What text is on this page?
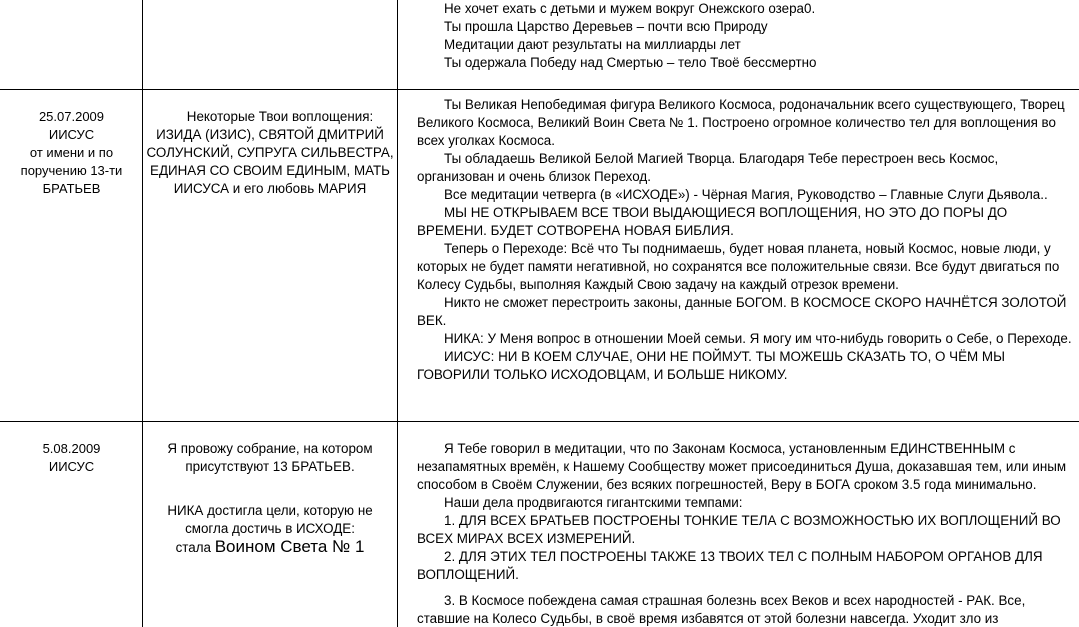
Не хочет ехать с детьми и мужем вокруг Онежского озера0.
Ты прошла Царство Деревьев – почти всю Природу
Медитации дают результаты на миллиарды лет
Ты одержала Победу над Смертью – тело Твоё бессмертно
25.07.2009
ИИСУС
от имени и по
поручению 13-ти
БРАТЬЕВ
Некоторые Твои воплощения:
ИЗИДА (ИЗИС), СВЯТОЙ ДМИТРИЙ
СОЛУНСКИЙ, СУПРУГА СИЛЬВЕСТРА,
ЕДИНАЯ СО СВОИМ ЕДИНЫМ, МАТЬ
ИИСУСА и его любовь МАРИЯ

Ты Великая Непобедимая фигура Великого Космоса, родоначальник всего существующего, Творец Великого Космоса, Великий Воин Света № 1. Построено огромное количество тел для воплощения во всех уголках Космоса.

Ты обладаешь Великой Белой Магией Творца. Благодаря Тебе перестроен весь Космос, организован и очень близок Переход.

Все медитации четверга (в «ИСХОДЕ») - Чёрная Магия, Руководство – Главные Слуги Дьявола..

МЫ НЕ ОТКРЫВАЕМ ВСЕ ТВОИ ВЫДАЮЩИЕСЯ ВОПЛОЩЕНИЯ, НО ЭТО ДО ПОРЫ ДО ВРЕМЕНИ. БУДЕТ СОТВОРЕНА НОВАЯ БИБЛИЯ.

Теперь о Переходе: Всё что Ты поднимаешь, будет новая планета, новый Космос, новые люди, у которых не будет памяти негативной, но сохранятся все положительные связи. Все будут двигаться по Колесу Судьбы, выполняя Каждый Свою задачу на каждый отрезок времени.

Никто не сможет перестроить законы, данные БОГОМ. В КОСМОСЕ СКОРО НАЧНЁТСЯ ЗОЛОТОЙ ВЕК.

НИКА: У Меня вопрос в отношении Моей семьи. Я могу им что-нибудь говорить о Себе, о Переходе.

ИИСУС: НИ В КОЕМ СЛУЧАЕ, ОНИ НЕ ПОЙМУТ. ТЫ МОЖЕШЬ СКАЗАТЬ ТО, О ЧЁМ МЫ ГОВОРИЛИ ТОЛЬКО ИСХОДОВЦАМ, И БОЛЬШЕ НИКОМУ.

5.08.2009
ИИСУС
Я провожу собрание, на котором
присутствуют 13 БРАТЬЕВ.
НИКА достигла цели, которую не
смогла достичь в ИСХОДЕ:
стала Воином Света № 1

Я Тебе говорил в медитации, что по Законам Космоса, установленным ЕДИНСТВЕННЫМ с незапамятных времён, к Нашему Сообществу может присоединиться Душа, доказавшая тем, или иным способом в Своём Служении, без всяких погрешностей, Веру в БОГА сроком 3.5 года минимально.

Наши дела продвигаются гигантскими темпами:

1. ДЛЯ ВСЕХ БРАТЬЕВ ПОСТРОЕНЫ ТОНКИЕ ТЕЛА С ВОЗМОЖНОСТЬЮ ИХ ВОПЛОЩЕНИЙ ВО ВСЕХ МИРАХ ВСЕХ ИЗМЕРЕНИЙ.

2. ДЛЯ ЭТИХ ТЕЛ ПОСТРОЕНЫ ТАКЖЕ 13 ТВОИХ ТЕЛ С ПОЛНЫМ НАБОРОМ ОРГАНОВ ДЛЯ ВОПЛОЩЕНИЙ.

3. В Космосе побеждена самая страшная болезнь всех Веков и всех народностей - РАК. Все, ставшие на Колесо Судьбы, в своё время избавятся от этой болезни навсегда. Уходит зло из
